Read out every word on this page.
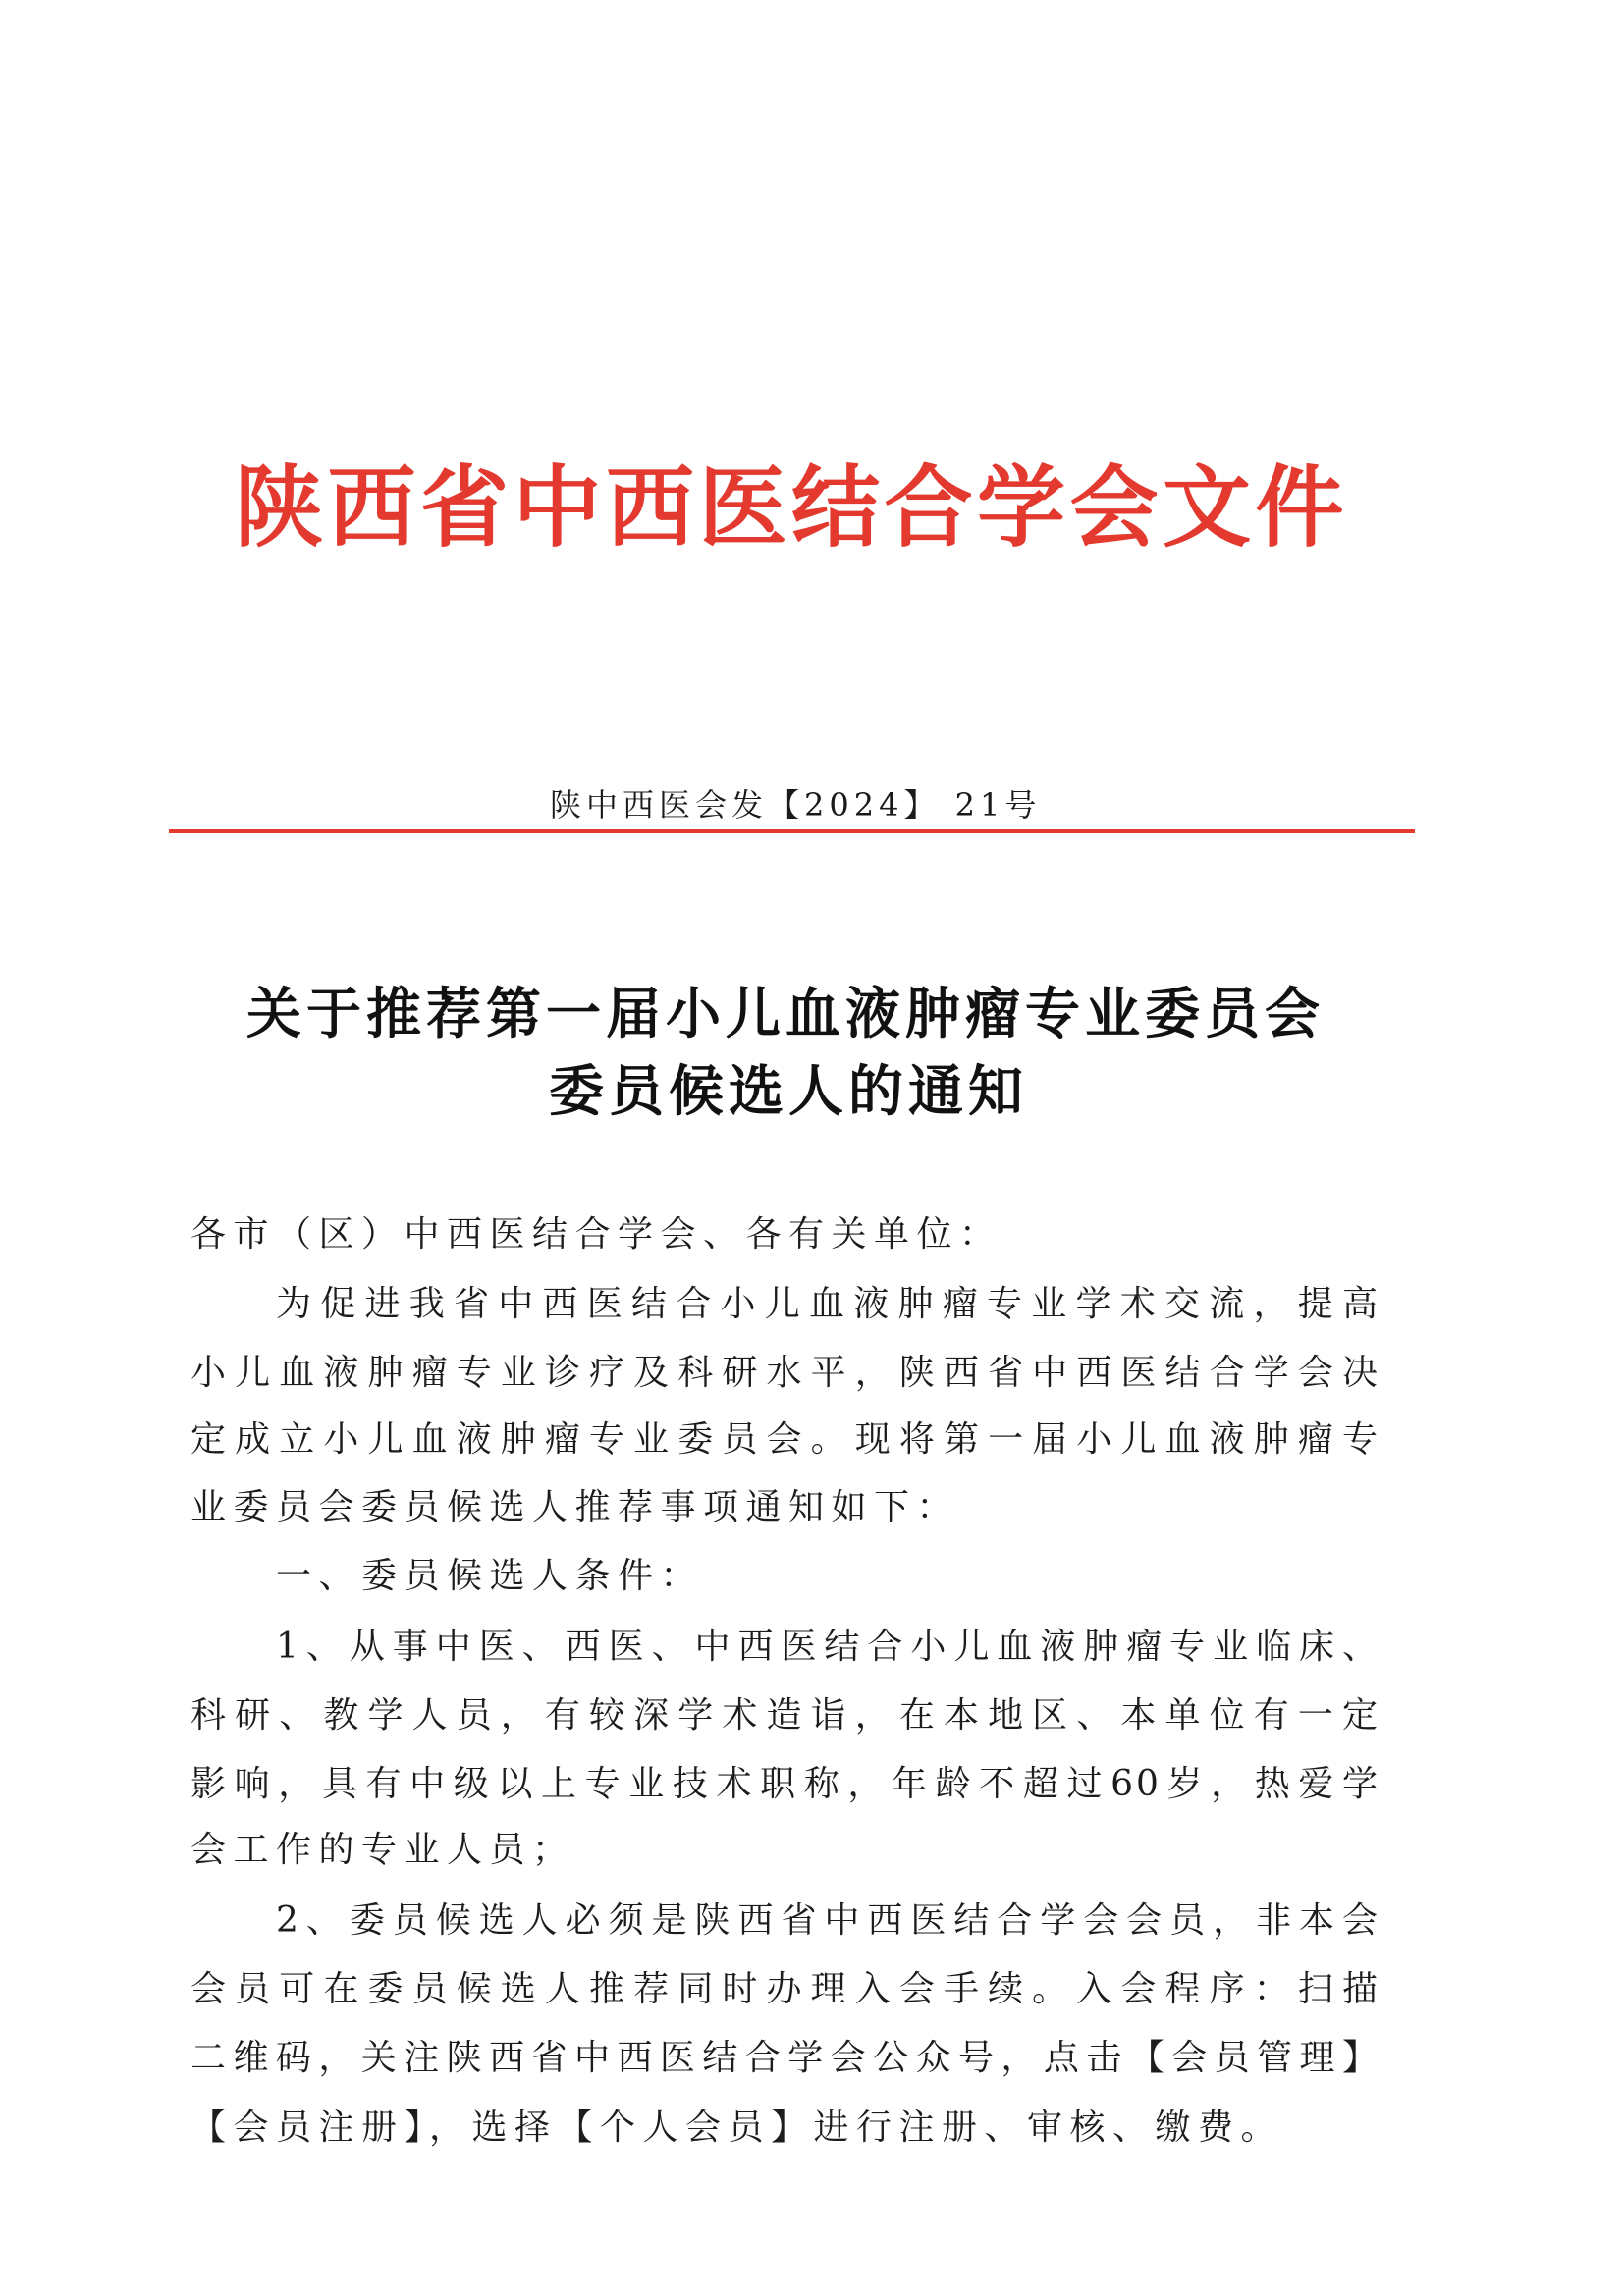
陕西省中西医结合学会文件
陕中西医会发【2024】 21号
关于推荐第一届小儿血液肿瘤专业委员会
委员候选人的通知
各市（区）中西医结合学会、各有关单位：
为促进我省中西医结合小儿血液肿瘤专业学术交流，提高
小儿血液肿瘤专业诊疗及科研水平，陕西省中西医结合学会决
定成立小儿血液肿瘤专业委员会。现将第一届小儿血液肿瘤专
业委员会委员候选人推荐事项通知如下：
一、委员候选人条件：
1、从事中医、西医、中西医结合小儿血液肿瘤专业临床、
科研、教学人员，有较深学术造诣，在本地区、本单位有一定
影响，具有中级以上专业技术职称，年龄不超过60岁，热爱学
会工作的专业人员；
2、委员候选人必须是陕西省中西医结合学会会员，非本会
会员可在委员候选人推荐同时办理入会手续。入会程序：扫描
二维码，关注陕西省中西医结合学会公众号，点击【会员管理】
【会员注册】，选择【个人会员】进行注册、审核、缴费。
